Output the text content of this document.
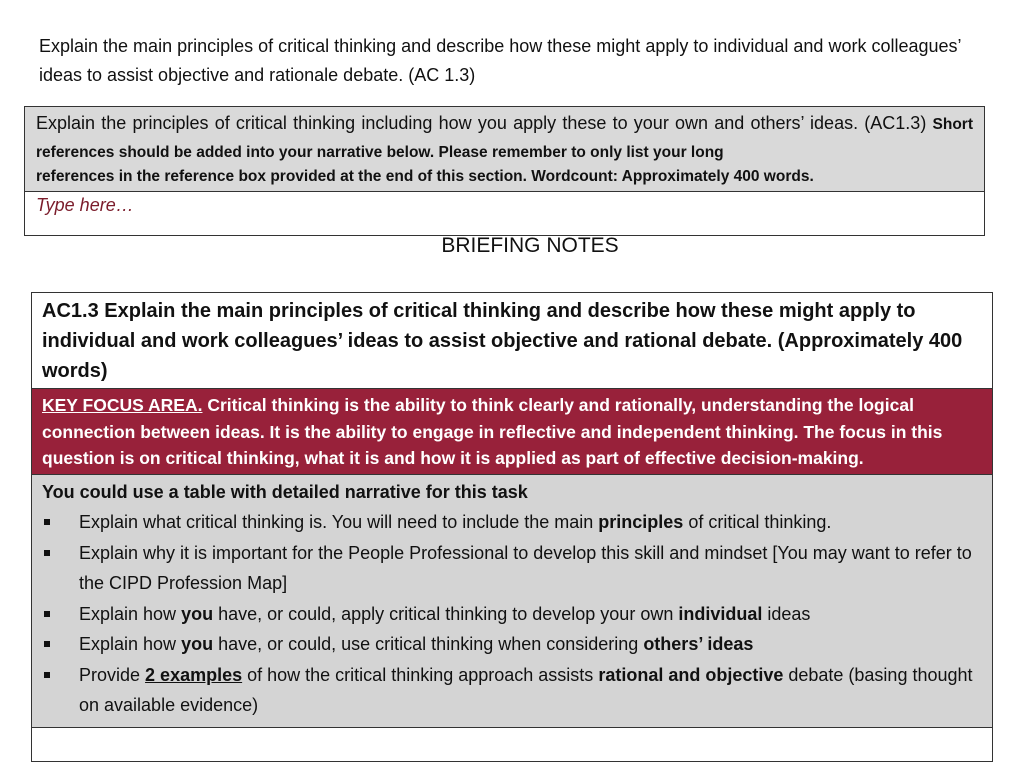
Explain the main principles of critical thinking and describe how these might apply to individual and work colleagues’ ideas to assist objective and rationale debate. (AC 1.3)
Explain the principles of critical thinking including how you apply these to your own and others’ ideas. (AC1.3) Short references should be added into your narrative below. Please remember to only list your long
references in the reference box provided at the end of this section. Wordcount: Approximately 400 words.
Type here…
BRIEFING NOTES
AC1.3 Explain the main principles of critical thinking and describe how these might apply to individual and work colleagues’ ideas to assist objective and rational debate. (Approximately 400 words)
KEY FOCUS AREA. Critical thinking is the ability to think clearly and rationally, understanding the logical connection between ideas. It is the ability to engage in reflective and independent thinking. The focus in this question is on critical thinking, what it is and how it is applied as part of effective decision-making.
You could use a table with detailed narrative for this task
Explain what critical thinking is. You will need to include the main principles of critical thinking.
Explain why it is important for the People Professional to develop this skill and mindset [You may want to refer to the CIPD Profession Map]
Explain how you have, or could, apply critical thinking to develop your own individual ideas
Explain how you have, or could, use critical thinking when considering others’ ideas
Provide 2 examples of how the critical thinking approach assists rational and objective debate (basing thought on available evidence)
